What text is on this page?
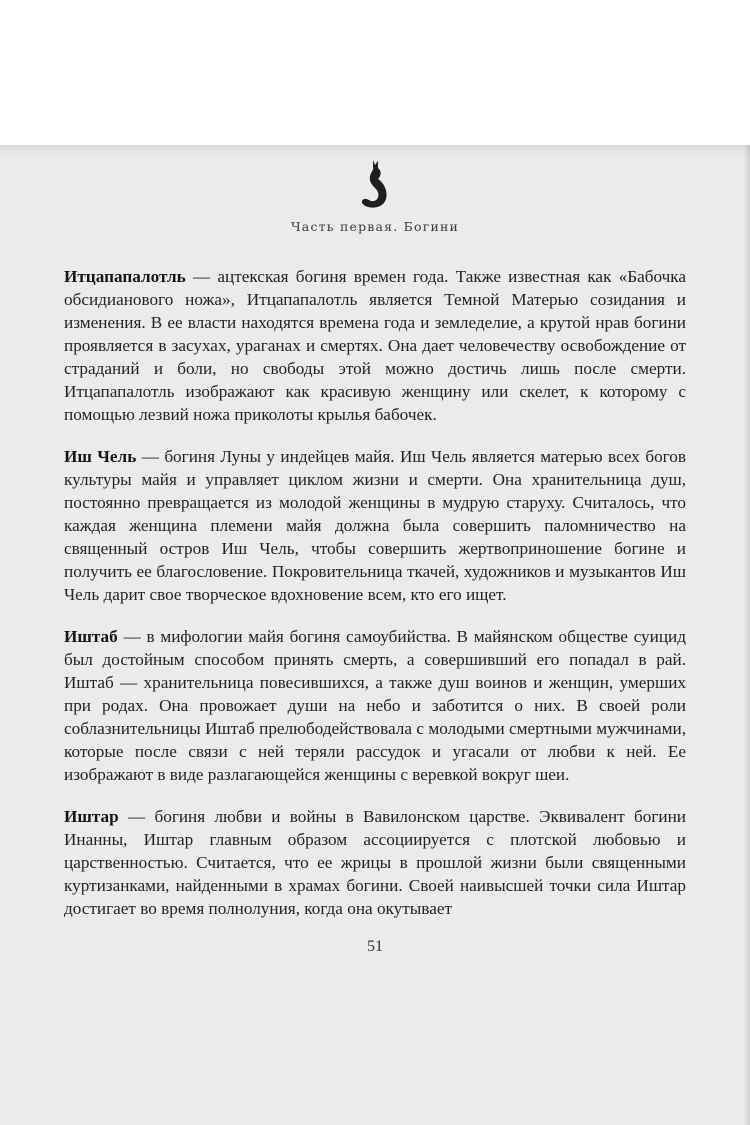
Часть первая. Богини

Итцапапалотль — ацтекская богиня времен года. Также известная как «Бабочка обсидианового ножа», Итцапапалотль является Темной Матерью созидания и изменения. В ее власти находятся времена года и земледелие, а крутой нрав богини проявляется в засухах, ураганах и смертях. Она дает человечеству освобождение от страданий и боли, но свободы этой можно достичь лишь после смерти. Итцапапалотль изображают как красивую женщину или скелет, к которому с помощью лезвий ножа приколоты крылья бабочек.

Иш Чель — богиня Луны у индейцев майя. Иш Чель является матерью всех богов культуры майя и управляет циклом жизни и смерти. Она хранительница душ, постоянно превращается из молодой женщины в мудрую старуху. Считалось, что каждая женщина племени майя должна была совершить паломничество на священный остров Иш Чель, чтобы совершить жертвоприношение богине и получить ее благословение. Покровительница ткачей, художников и музыкантов Иш Чель дарит свое творческое вдохновение всем, кто его ищет.

Иштаб — в мифологии майя богиня самоубийства. В майянском обществе суицид был достойным способом принять смерть, а совершивший его попадал в рай. Иштаб — хранительница повесившихся, а также душ воинов и женщин, умерших при родах. Она провожает души на небо и заботится о них. В своей роли соблазнительницы Иштаб прелюбодействовала с молодыми смертными мужчинами, которые после связи с ней теряли рассудок и угасали от любви к ней. Ее изображают в виде разлагающейся женщины с веревкой вокруг шеи.

Иштар — богиня любви и войны в Вавилонском царстве. Эквивалент богини Инанны, Иштар главным образом ассоциируется с плотской любовью и царственностью. Считается, что ее жрицы в прошлой жизни были священными куртизанками, найденными в храмах богини. Своей наивысшей точки сила Иштар достигает во время полнолуния, когда она окутывает

51
